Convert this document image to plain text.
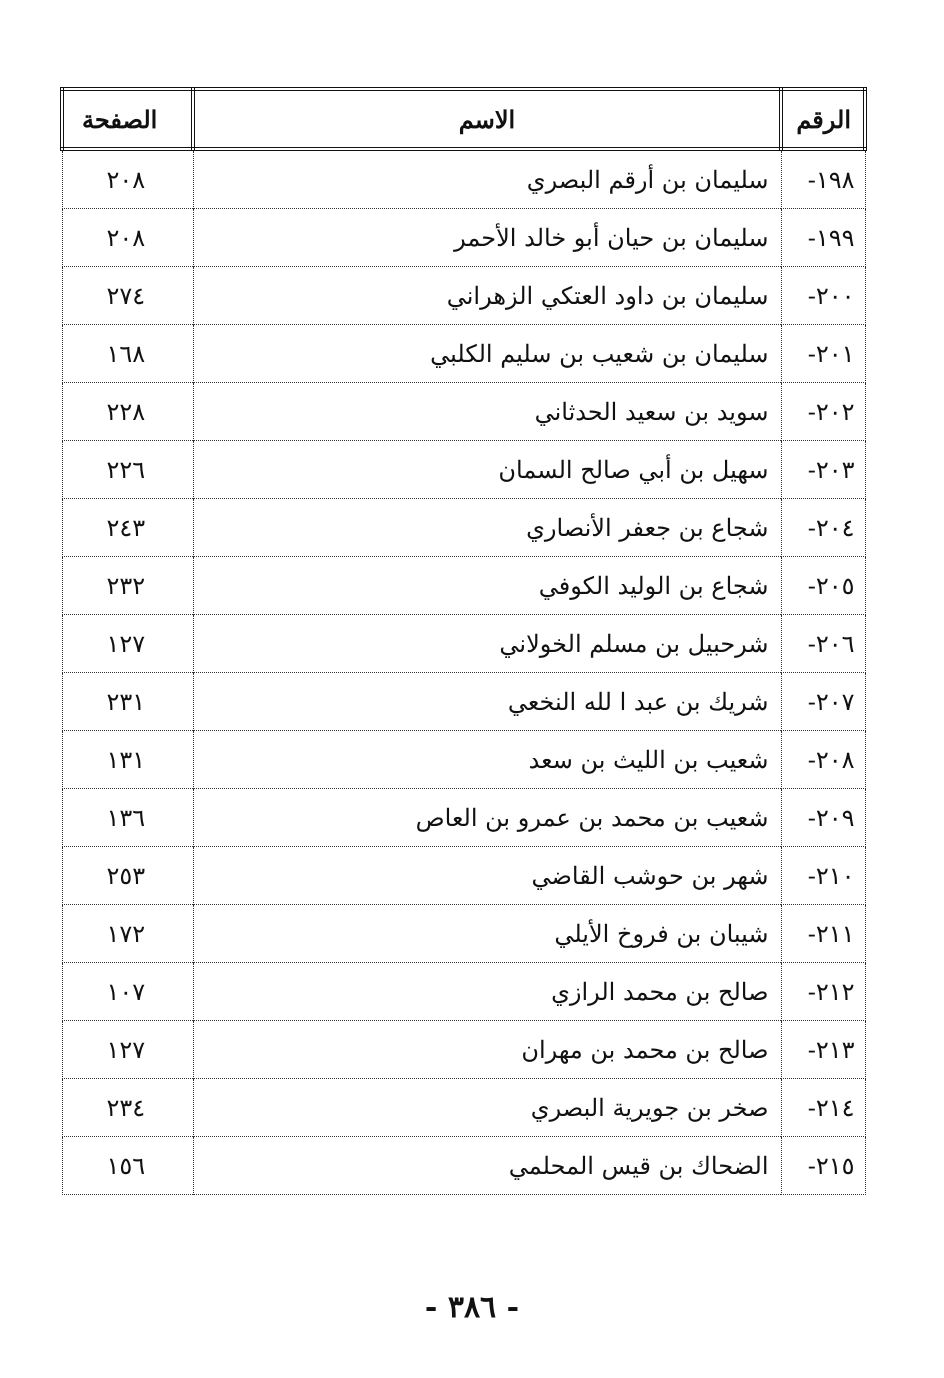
الرقم	الاسم	الصفحة
١٩٨-	سليمان بن أرقم البصري	٢٠٨
١٩٩-	سليمان بن حيان أبو خالد الأحمر	٢٠٨
٢٠٠-	سليمان بن داود العتكي الزهراني	٢٧٤
٢٠١-	سليمان بن شعيب بن سليم الكلبي	١٦٨
٢٠٢-	سويد بن سعيد الحدثاني	٢٢٨
٢٠٣-	سهيل بن أبي صالح السمان	٢٢٦
٢٠٤-	شجاع بن جعفر الأنصاري	٢٤٣
٢٠٥-	شجاع بن الوليد الكوفي	٢٣٢
٢٠٦-	شرحبيل بن مسلم الخولاني	١٢٧
٢٠٧-	شريك بن عبد ا لله النخعي	٢٣١
٢٠٨-	شعيب بن الليث بن سعد	١٣١
٢٠٩-	شعيب بن محمد بن عمرو بن العاص	١٣٦
٢١٠-	شهر بن حوشب القاضي	٢٥٣
٢١١-	شيبان بن فروخ الأيلي	١٧٢
٢١٢-	صالح بن محمد الرازي	١٠٧
٢١٣-	صالح بن محمد بن مهران	١٢٧
٢١٤-	صخر بن جويرية البصري	٢٣٤
٢١٥-	الضحاك بن قيس المحلمي	١٥٦
- ٣٨٦ -
